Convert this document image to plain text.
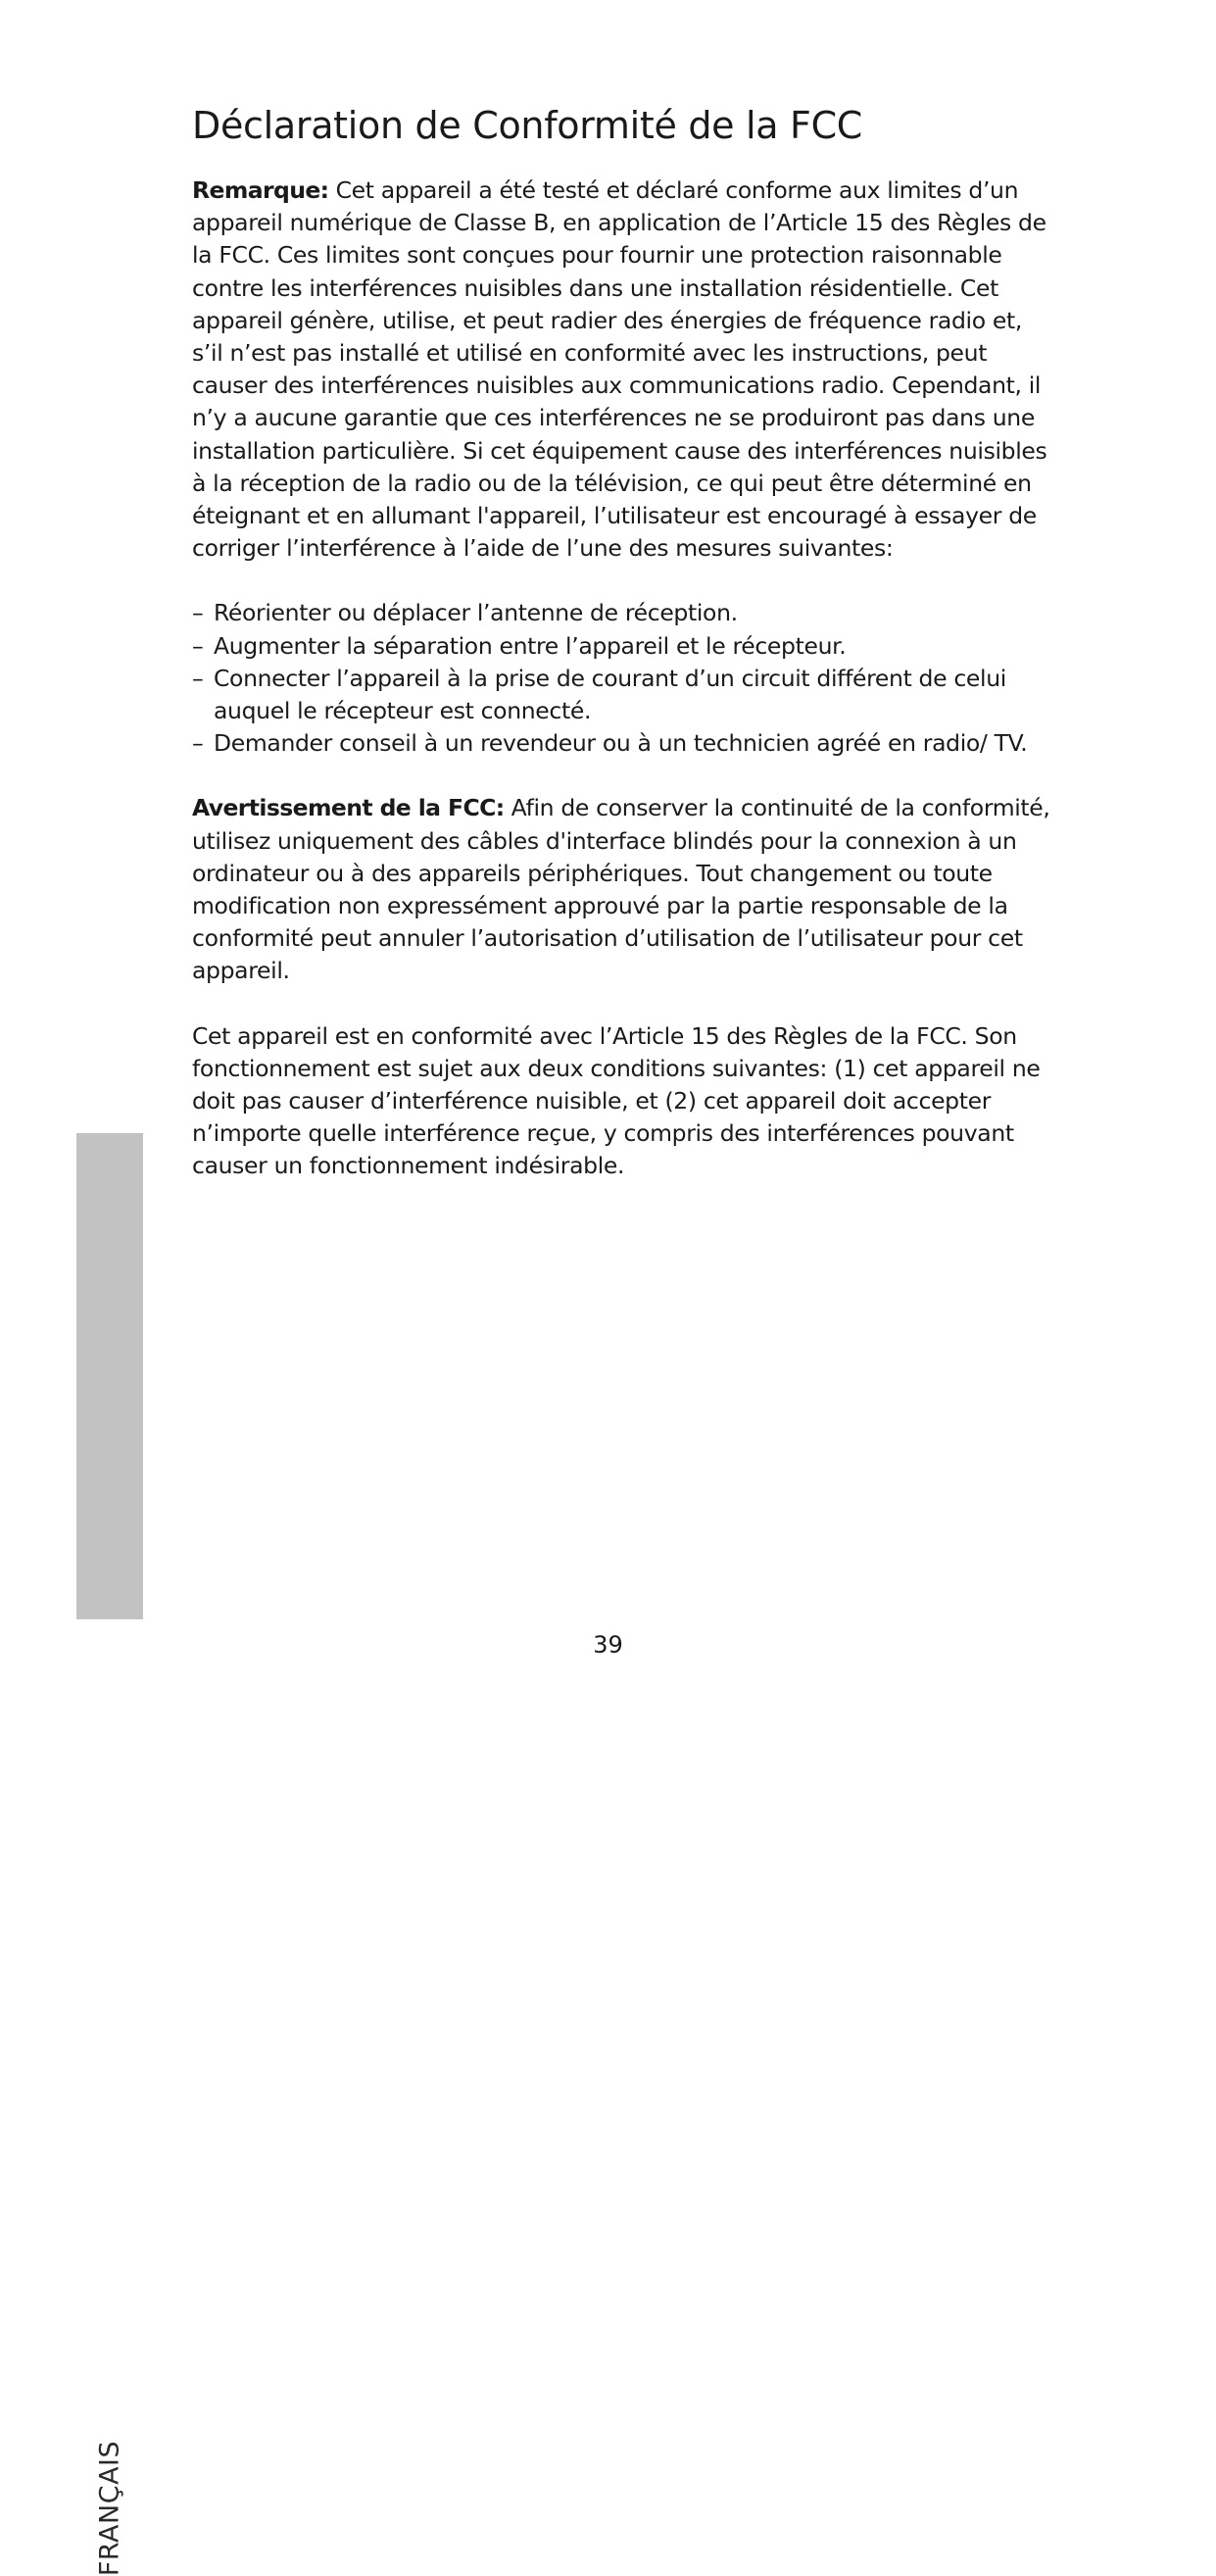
Déclaration de Conformité de la FCC

Remarque: Cet appareil a été testé et déclaré conforme aux limites d’un appareil numérique de Classe B, en application de l’Article 15 des Règles de la FCC. Ces limites sont conçues pour fournir une protection raisonnable contre les interférences nuisibles dans une installation résidentielle. Cet appareil génère, utilise, et peut radier des énergies de fréquence radio et, s’il n’est pas installé et utilisé en conformité avec les instructions, peut causer des interférences nuisibles aux communications radio. Cependant, il n’y a aucune garantie que ces interférences ne se produiront pas dans une installation particulière. Si cet équipement cause des interférences nuisibles à la réception de la radio ou de la télévision, ce qui peut être déterminé en éteignant et en allumant l'appareil, l’utilisateur est encouragé à essayer de corriger l’interférence à l’aide de l’une des mesures suivantes:

– Réorienter ou déplacer l’antenne de réception.
– Augmenter la séparation entre l’appareil et le récepteur.
– Connecter l’appareil à la prise de courant d’un circuit différent de celui auquel le récepteur est connecté.
– Demander conseil à un revendeur ou à un technicien agréé en radio/ TV.

Avertissement de la FCC: Afin de conserver la continuité de la conformité, utilisez uniquement des câbles d'interface blindés pour la connexion à un ordinateur ou à des appareils périphériques. Tout changement ou toute modification non expressément approuvé par la partie responsable de la conformité peut annuler l’autorisation d’utilisation de l’utilisateur pour cet appareil.

Cet appareil est en conformité avec l’Article 15 des Règles de la FCC. Son fonctionnement est sujet aux deux conditions suivantes: (1) cet appareil ne doit pas causer d’interférence nuisible, et (2) cet appareil doit accepter n’importe quelle interférence reçue, y compris des interférences pouvant causer un fonctionnement indésirable.

FRANÇAIS
39
